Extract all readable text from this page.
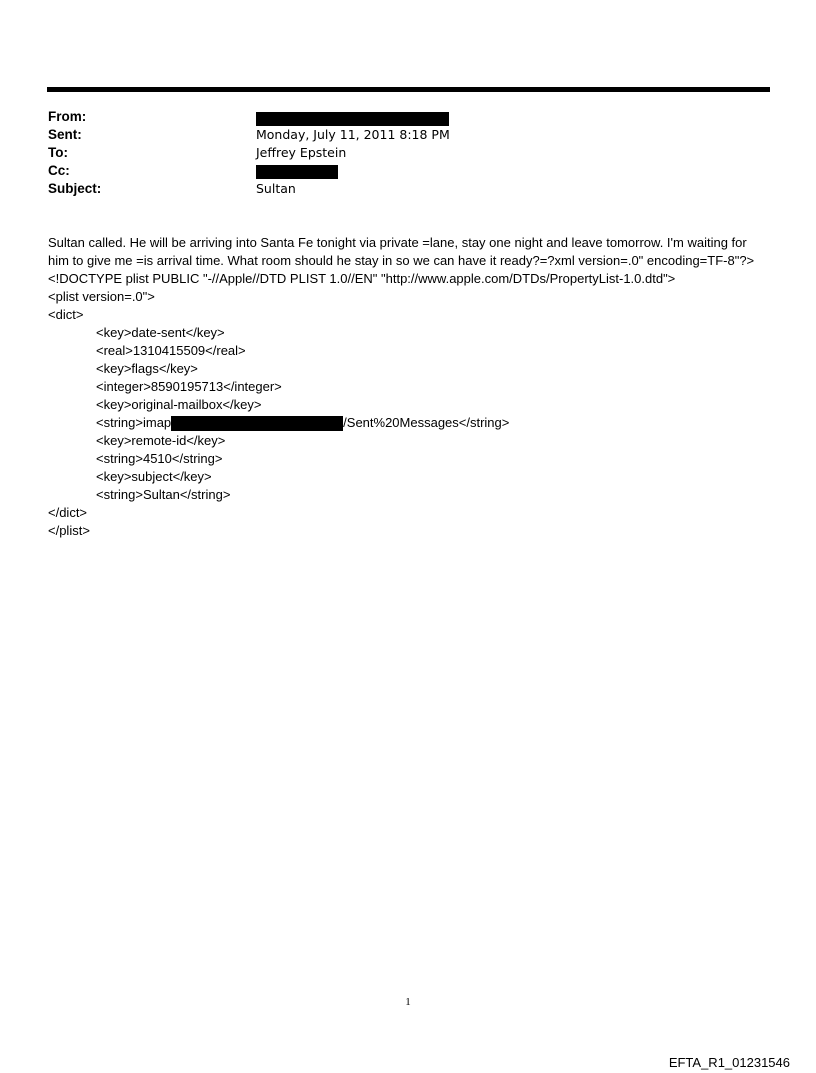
From:
Sent:	Monday, July 11, 2011 8:18 PM
To:	Jeffrey Epstein
Cc:
Subject:	Sultan

Sultan called. He will be arriving into Santa Fe tonight via private =lane, stay one night and leave tomorrow. I'm waiting for him to give me =is arrival time. What room should he stay in so we can have it ready?=?xml version=.0" encoding=TF-8"?> <!DOCTYPE plist PUBLIC "-//Apple//DTD PLIST 1.0//EN" "http://www.apple.com/DTDs/PropertyList-1.0.dtd">

<plist version=.0">
<dict>
<key>date-sent</key>
<real>1310415509</real>
<key>flags</key>
<integer>8590195713</integer>
<key>original-mailbox</key>
<string>imap	/Sent%20Messages</string>
<key>remote-id</key>
<string>4510</string>
<key>subject</key>
<string>Sultan</string>
</dict>
</plist>
1
EFTA_R1_01231546
